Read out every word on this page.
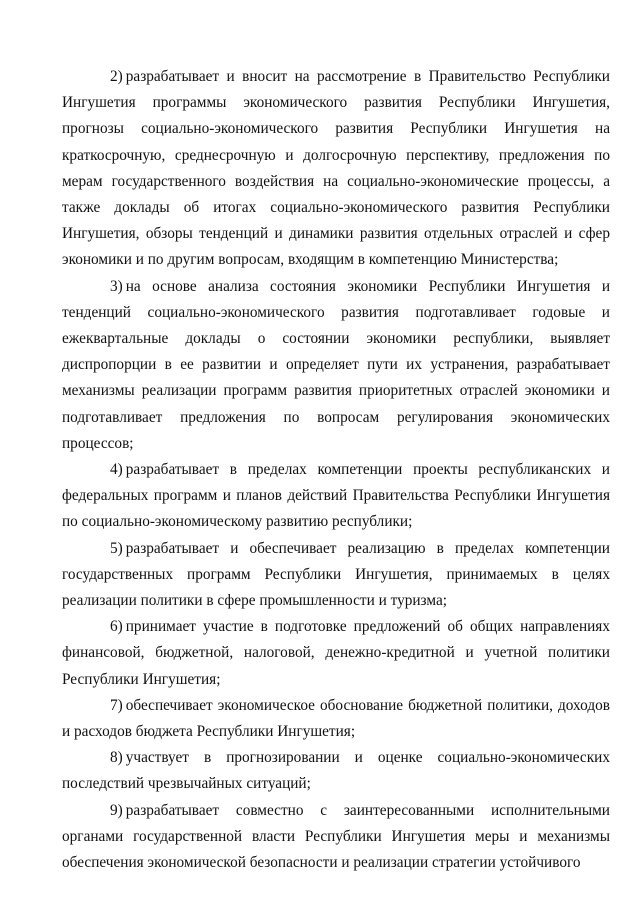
2) разрабатывает и вносит на рассмотрение в Правительство Республики Ингушетия программы экономического развития Республики Ингушетия, прогнозы социально-экономического развития Республики Ингушетия на краткосрочную, среднесрочную и долгосрочную перспективу, предложения по мерам государственного воздействия на социально-экономические процессы, а также доклады об итогах социально-экономического развития Республики Ингушетия, обзоры тенденций и динамики развития отдельных отраслей и сфер экономики и по другим вопросам, входящим в компетенцию Министерства;

3) на основе анализа состояния экономики Республики Ингушетия и тенденций социально-экономического развития подготавливает годовые и ежеквартальные доклады о состоянии экономики республики, выявляет диспропорции в ее развитии и определяет пути их устранения, разрабатывает механизмы реализации программ развития приоритетных отраслей экономики и подготавливает предложения по вопросам регулирования экономических процессов;

4) разрабатывает в пределах компетенции проекты республиканских и федеральных программ и планов действий Правительства Республики Ингушетия по социально-экономическому развитию республики;

5) разрабатывает и обеспечивает реализацию в пределах компетенции государственных программ Республики Ингушетия, принимаемых в целях реализации политики в сфере промышленности и туризма;

6) принимает участие в подготовке предложений об общих направлениях финансовой, бюджетной, налоговой, денежно-кредитной и учетной политики Республики Ингушетия;

7) обеспечивает экономическое обоснование бюджетной политики, доходов и расходов бюджета Республики Ингушетия;

8) участвует в прогнозировании и оценке социально-экономических последствий чрезвычайных ситуаций;

9) разрабатывает совместно с заинтересованными исполнительными органами государственной власти Республики Ингушетия меры и механизмы обеспечения экономической безопасности и реализации стратегии устойчивого
